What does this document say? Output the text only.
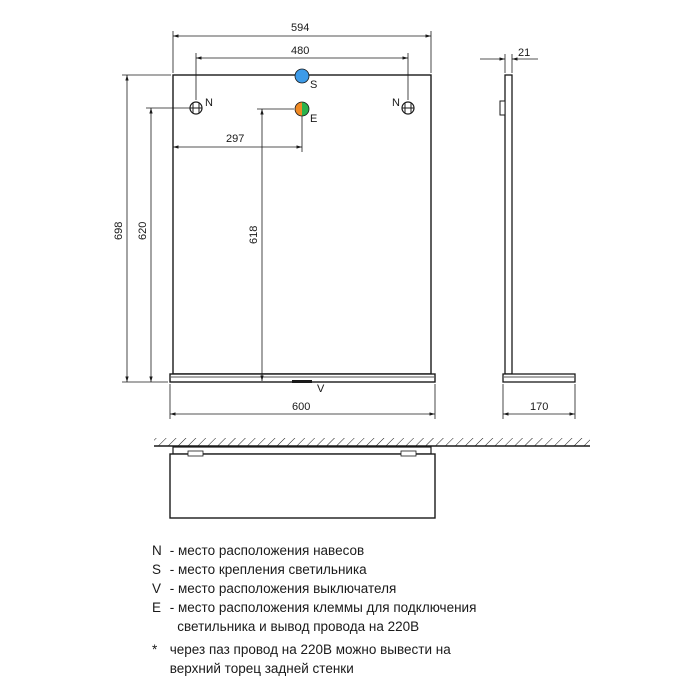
N	N
S
E
V
594
480
297
698 620	618
600
21
170
N - место расположения навесов
S - место крепления светильника
V - место расположения выключателя
E - место расположения клеммы для подключения
светильника и вывод провода на 220В
* через паз провод на 220В можно вывести на
верхний торец задней стенки
